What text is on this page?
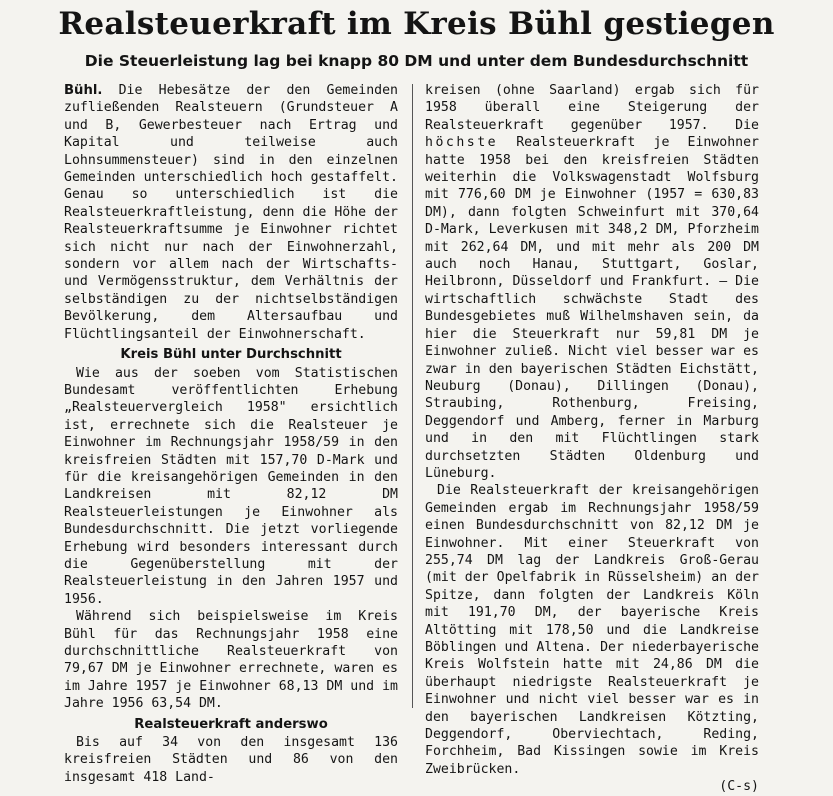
Realsteuerkraft im Kreis Bühl gestiegen
Die Steuerleistung lag bei knapp 80 DM und unter dem Bundesdurchschnitt

Bühl. Die Hebesätze der den Gemeinden zufließenden Realsteuern (Grundsteuer A und B, Gewerbesteuer nach Ertrag und Kapital und teilweise auch Lohnsummensteuer) sind in den einzelnen Gemeinden unterschiedlich hoch gestaffelt. Genau so unterschiedlich ist die Realsteuerkraftleistung, denn die Höhe der Realsteuerkraftsumme je Einwohner richtet sich nicht nur nach der Einwohnerzahl, sondern vor allem nach der Wirtschafts- und Vermögensstruktur, dem Verhältnis der selbständigen zu der nichtselbständigen Bevölkerung, dem Altersaufbau und Flüchtlingsanteil der Einwohnerschaft.

Kreis Bühl unter Durchschnitt

Wie aus der soeben vom Statistischen Bundesamt veröffentlichten Erhebung „Realsteuervergleich 1958" ersichtlich ist, errechnete sich die Realsteuer je Einwohner im Rechnungsjahr 1958/59 in den kreisfreien Städten mit 157,70 D-Mark und für die kreisangehörigen Gemeinden in den Landkreisen mit 82,12 DM Realsteuerleistungen je Einwohner als Bundesdurchschnitt. Die jetzt vorliegende Erhebung wird besonders interessant durch die Gegenüberstellung mit der Realsteuerleistung in den Jahren 1957 und 1956.

Während sich beispielsweise im Kreis Bühl für das Rechnungsjahr 1958 eine durchschnittliche Realsteuerkraft von 79,67 DM je Einwohner errechnete, waren es im Jahre 1957 je Einwohner 68,13 DM und im Jahre 1956 63,54 DM.

Realsteuerkraft anderswo

Bis auf 34 von den insgesamt 136 kreisfreien Städten und 86 von den insgesamt 418 Land-

kreisen (ohne Saarland) ergab sich für 1958 überall eine Steigerung der Realsteuerkraft gegenüber 1957. Die höchste Realsteuerkraft je Einwohner hatte 1958 bei den kreisfreien Städten weiterhin die Volkswagenstadt Wolfsburg mit 776,60 DM je Einwohner (1957 = 630,83 DM), dann folgten Schweinfurt mit 370,64 D-Mark, Leverkusen mit 348,2 DM, Pforzheim mit 262,64 DM, und mit mehr als 200 DM auch noch Hanau, Stuttgart, Goslar, Heilbronn, Düsseldorf und Frankfurt. — Die wirtschaftlich schwächste Stadt des Bundesgebietes muß Wilhelmshaven sein, da hier die Steuerkraft nur 59,81 DM je Einwohner zuließ. Nicht viel besser war es zwar in den bayerischen Städten Eichstätt, Neuburg (Donau), Dillingen (Donau), Straubing, Rothenburg, Freising, Deggendorf und Amberg, ferner in Marburg und in den mit Flüchtlingen stark durchsetzten Städten Oldenburg und Lüneburg.

Die Realsteuerkraft der kreisangehörigen Gemeinden ergab im Rechnungsjahr 1958/59 einen Bundesdurchschnitt von 82,12 DM je Einwohner. Mit einer Steuerkraft von 255,74 DM lag der Landkreis Groß-Gerau (mit der Opelfabrik in Rüsselsheim) an der Spitze, dann folgten der Landkreis Köln mit 191,70 DM, der bayerische Kreis Altötting mit 178,50 und die Landkreise Böblingen und Altena. Der niederbayerische Kreis Wolfstein hatte mit 24,86 DM die überhaupt niedrigste Realsteuerkraft je Einwohner und nicht viel besser war es in den bayerischen Landkreisen Kötzting, Deggendorf, Oberviechtach, Reding, Forchheim, Bad Kissingen sowie im Kreis Zweibrücken.

(C-s)
